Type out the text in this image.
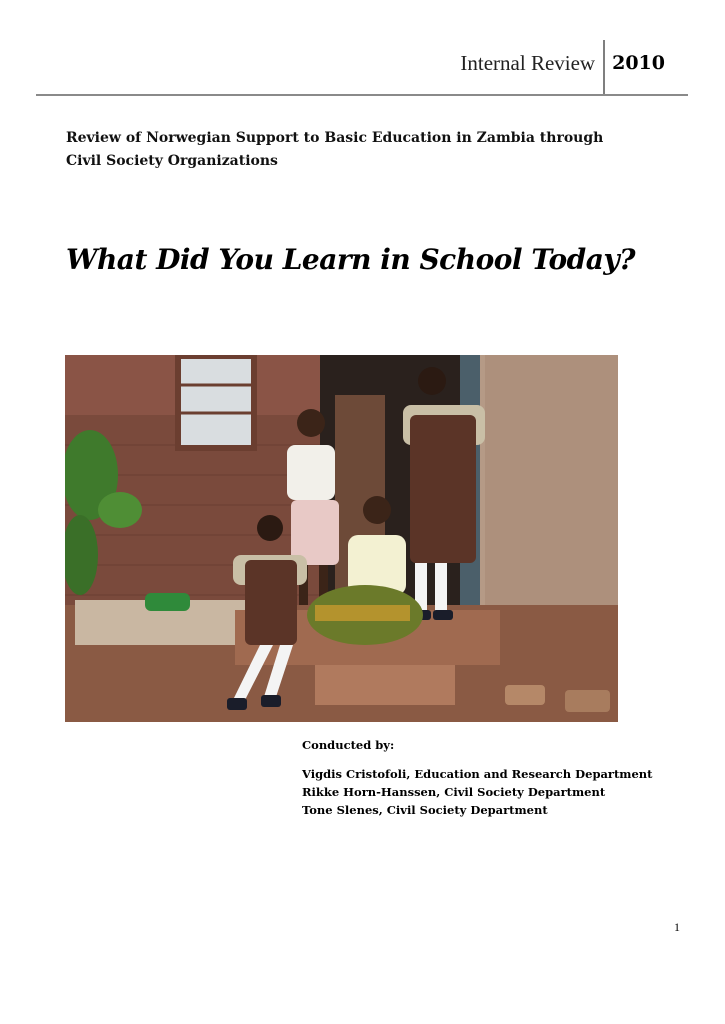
Internal Review 2010
Review of Norwegian Support to Basic Education in Zambia through
Civil Society Organizations
What Did You Learn in School Today?
Conducted by:
Vigdis Cristofoli, Education and Research Department
Rikke Horn-Hanssen, Civil Society Department
Tone Slenes, Civil Society Department
1
